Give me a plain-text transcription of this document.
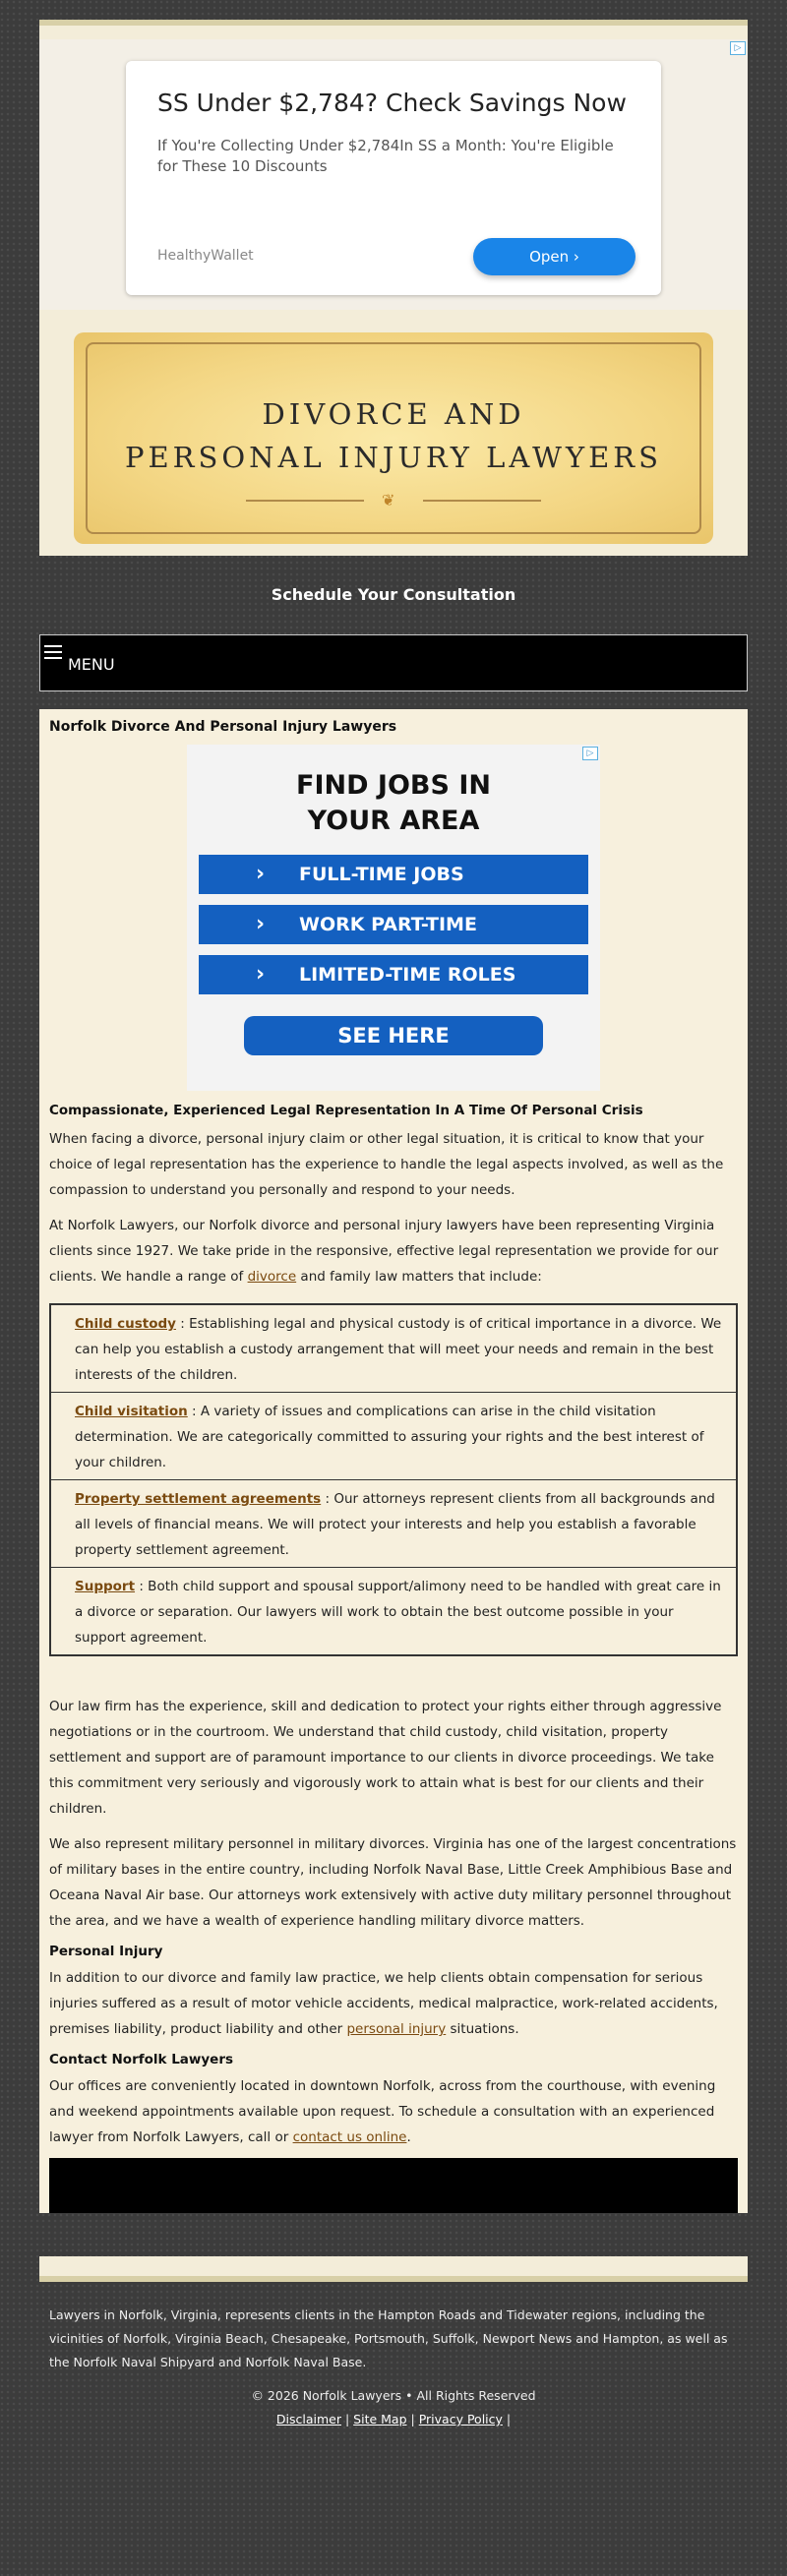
▷
SS Under $2,784? Check Savings Now
If You're Collecting Under $2,784In SS a Month: You're Eligible for These 10 Discounts
HealthyWallet	Open ›
DIVORCE AND
PERSONAL INJURY LAWYERS
❦
Schedule Your Consultation
MENU
Norfolk Divorce And Personal Injury Lawyers
▷
FIND JOBS IN
YOUR AREA
› FULL-TIME JOBS
› WORK PART-TIME
› LIMITED-TIME ROLES
SEE HERE
Compassionate, Experienced Legal Representation In A Time Of Personal Crisis

When facing a divorce, personal injury claim or other legal situation, it is critical to know that your choice of legal representation has the experience to handle the legal aspects involved, as well as the compassion to understand you personally and respond to your needs.

At Norfolk Lawyers, our Norfolk divorce and personal injury lawyers have been representing Virginia clients since 1927. We take pride in the responsive, effective legal representation we provide for our clients. We handle a range of divorce and family law matters that include:

Child custody : Establishing legal and physical custody is of critical importance in a divorce. We can help you establish a custody arrangement that will meet your needs and remain in the best interests of the children.
Child visitation : A variety of issues and complications can arise in the child visitation determination. We are categorically committed to assuring your rights and the best interest of your children.
Property settlement agreements : Our attorneys represent clients from all backgrounds and all levels of financial means. We will protect your interests and help you establish a favorable property settlement agreement.
Support : Both child support and spousal support/alimony need to be handled with great care in a divorce or separation. Our lawyers will work to obtain the best outcome possible in your support agreement.

Our law firm has the experience, skill and dedication to protect your rights either through aggressive negotiations or in the courtroom. We understand that child custody, child visitation, property settlement and support are of paramount importance to our clients in divorce proceedings. We take this commitment very seriously and vigorously work to attain what is best for our clients and their children.

We also represent military personnel in military divorces. Virginia has one of the largest concentrations of military bases in the entire country, including Norfolk Naval Base, Little Creek Amphibious Base and Oceana Naval Air base. Our attorneys work extensively with active duty military personnel throughout the area, and we have a wealth of experience handling military divorce matters.

Personal Injury

In addition to our divorce and family law practice, we help clients obtain compensation for serious injuries suffered as a result of motor vehicle accidents, medical malpractice, work-related accidents, premises liability, product liability and other personal injury situations.

Contact Norfolk Lawyers

Our offices are conveniently located in downtown Norfolk, across from the courthouse, with evening and weekend appointments available upon request. To schedule a consultation with an experienced lawyer from Norfolk Lawyers, call or contact us online.

Lawyers in Norfolk, Virginia, represents clients in the Hampton Roads and Tidewater regions, including the vicinities of Norfolk, Virginia Beach, Chesapeake, Portsmouth, Suffolk, Newport News and Hampton, as well as the Norfolk Naval Shipyard and Norfolk Naval Base.
© 2026 Norfolk Lawyers • All Rights Reserved
Disclaimer | Site Map | Privacy Policy |
